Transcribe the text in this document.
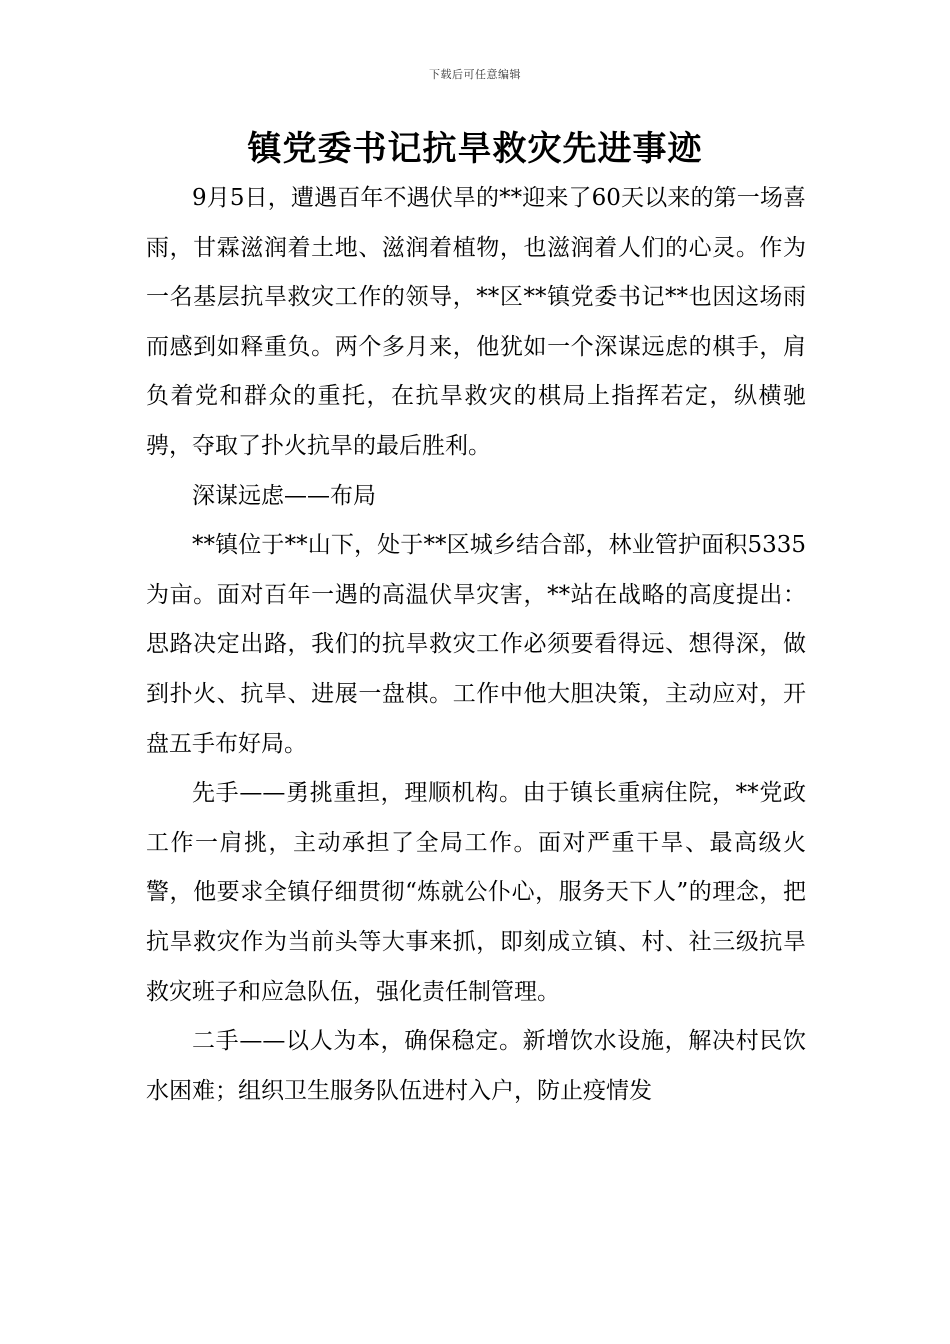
下载后可任意编辑
镇党委书记抗旱救灾先进事迹

9月5日，遭遇百年不遇伏旱的**迎来了60天以来的第一场喜雨，甘霖滋润着土地、滋润着植物，也滋润着人们的心灵。作为一名基层抗旱救灾工作的领导，**区**镇党委书记**也因这场雨而感到如释重负。两个多月来，他犹如一个深谋远虑的棋手，肩负着党和群众的重托，在抗旱救灾的棋局上指挥若定，纵横驰骋，夺取了扑火抗旱的最后胜利。

深谋远虑——布局

**镇位于**山下，处于**区城乡结合部，林业管护面积5335为亩。面对百年一遇的高温伏旱灾害，**站在战略的高度提出：思路决定出路，我们的抗旱救灾工作必须要看得远、想得深，做到扑火、抗旱、进展一盘棋。工作中他大胆决策，主动应对，开盘五手布好局。

先手——勇挑重担，理顺机构。由于镇长重病住院，**党政工作一肩挑，主动承担了全局工作。面对严重干旱、最高级火警，他要求全镇仔细贯彻“炼就公仆心，服务天下人”的理念，把抗旱救灾作为当前头等大事来抓，即刻成立镇、村、社三级抗旱救灾班子和应急队伍，强化责任制管理。

二手——以人为本，确保稳定。新增饮水设施，解决村民饮水困难；组织卫生服务队伍进村入户，防止疫情发
